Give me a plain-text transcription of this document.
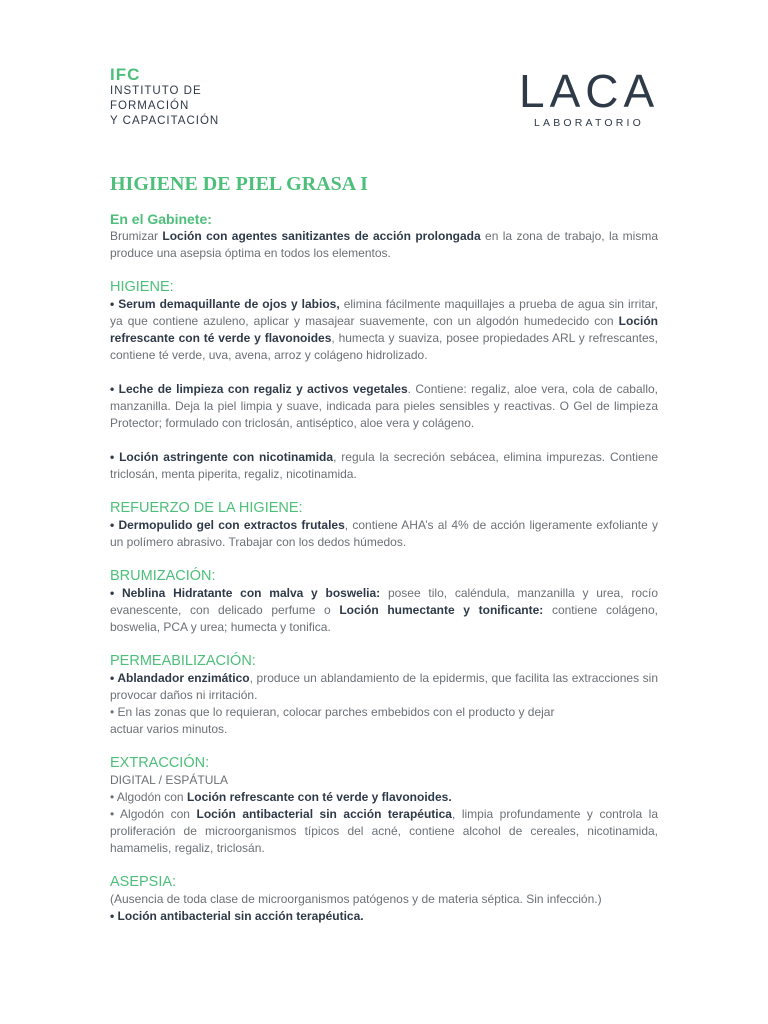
IFC
INSTITUTO DE
FORMACIÓN
Y CAPACITACIÓN
LACA
LABORATORIO
HIGIENE DE PIEL GRASA I
En el Gabinete:

Brumizar Loción con agentes sanitizantes de acción prolongada en la zona de trabajo, la misma produce una asepsia óptima en todos los elementos.

HIGIENE:

• Serum demaquillante de ojos y labios, elimina fácilmente maquillajes a prueba de agua sin irritar, ya que contiene azuleno, aplicar y masajear suavemente, con un algodón humedecido con Loción refrescante con té verde y flavonoides, humecta y suaviza, posee propiedades ARL y refrescantes, contiene té verde, uva, avena, arroz y colágeno hidrolizado.

• Leche de limpieza con regaliz y activos vegetales. Contiene: regaliz, aloe vera, cola de caballo, manzanilla. Deja la piel limpia y suave, indicada para pieles sensibles y reactivas. O Gel de limpieza Protector; formulado con triclosán, antiséptico, aloe vera y colágeno.

• Loción astringente con nicotinamida, regula la secreción sebácea, elimina impurezas. Contiene triclosán, menta piperita, regaliz, nicotinamida.

REFUERZO DE LA HIGIENE:

• Dermopulido gel con extractos frutales, contiene AHA’s al 4% de acción ligeramente exfoliante y un polímero abrasivo. Trabajar con los dedos húmedos.

BRUMIZACIÓN:

• Neblina Hidratante con malva y boswelia: posee tilo, caléndula, manzanilla y urea, rocío evanescente, con delicado perfume o Loción humectante y tonificante: contiene colágeno, boswelia, PCA y urea; humecta y tonifica.

PERMEABILIZACIÓN:

• Ablandador enzimático, produce un ablandamiento de la epidermis, que facilita las extracciones sin provocar daños ni irritación.

• En las zonas que lo requieran, colocar parches embebidos con el producto y dejar

actuar varios minutos.

EXTRACCIÓN:

DIGITAL / ESPÁTULA

• Algodón con Loción refrescante con té verde y flavonoides.

• Algodón con Loción antibacterial sin acción terapéutica, limpia profundamente y controla la proliferación de microorganismos típicos del acné, contiene alcohol de cereales, nicotinamida, hamamelis, regaliz, triclosán.

ASEPSIA:

(Ausencia de toda clase de microorganismos patógenos y de materia séptica. Sin infección.)

• Loción antibacterial sin acción terapéutica.
